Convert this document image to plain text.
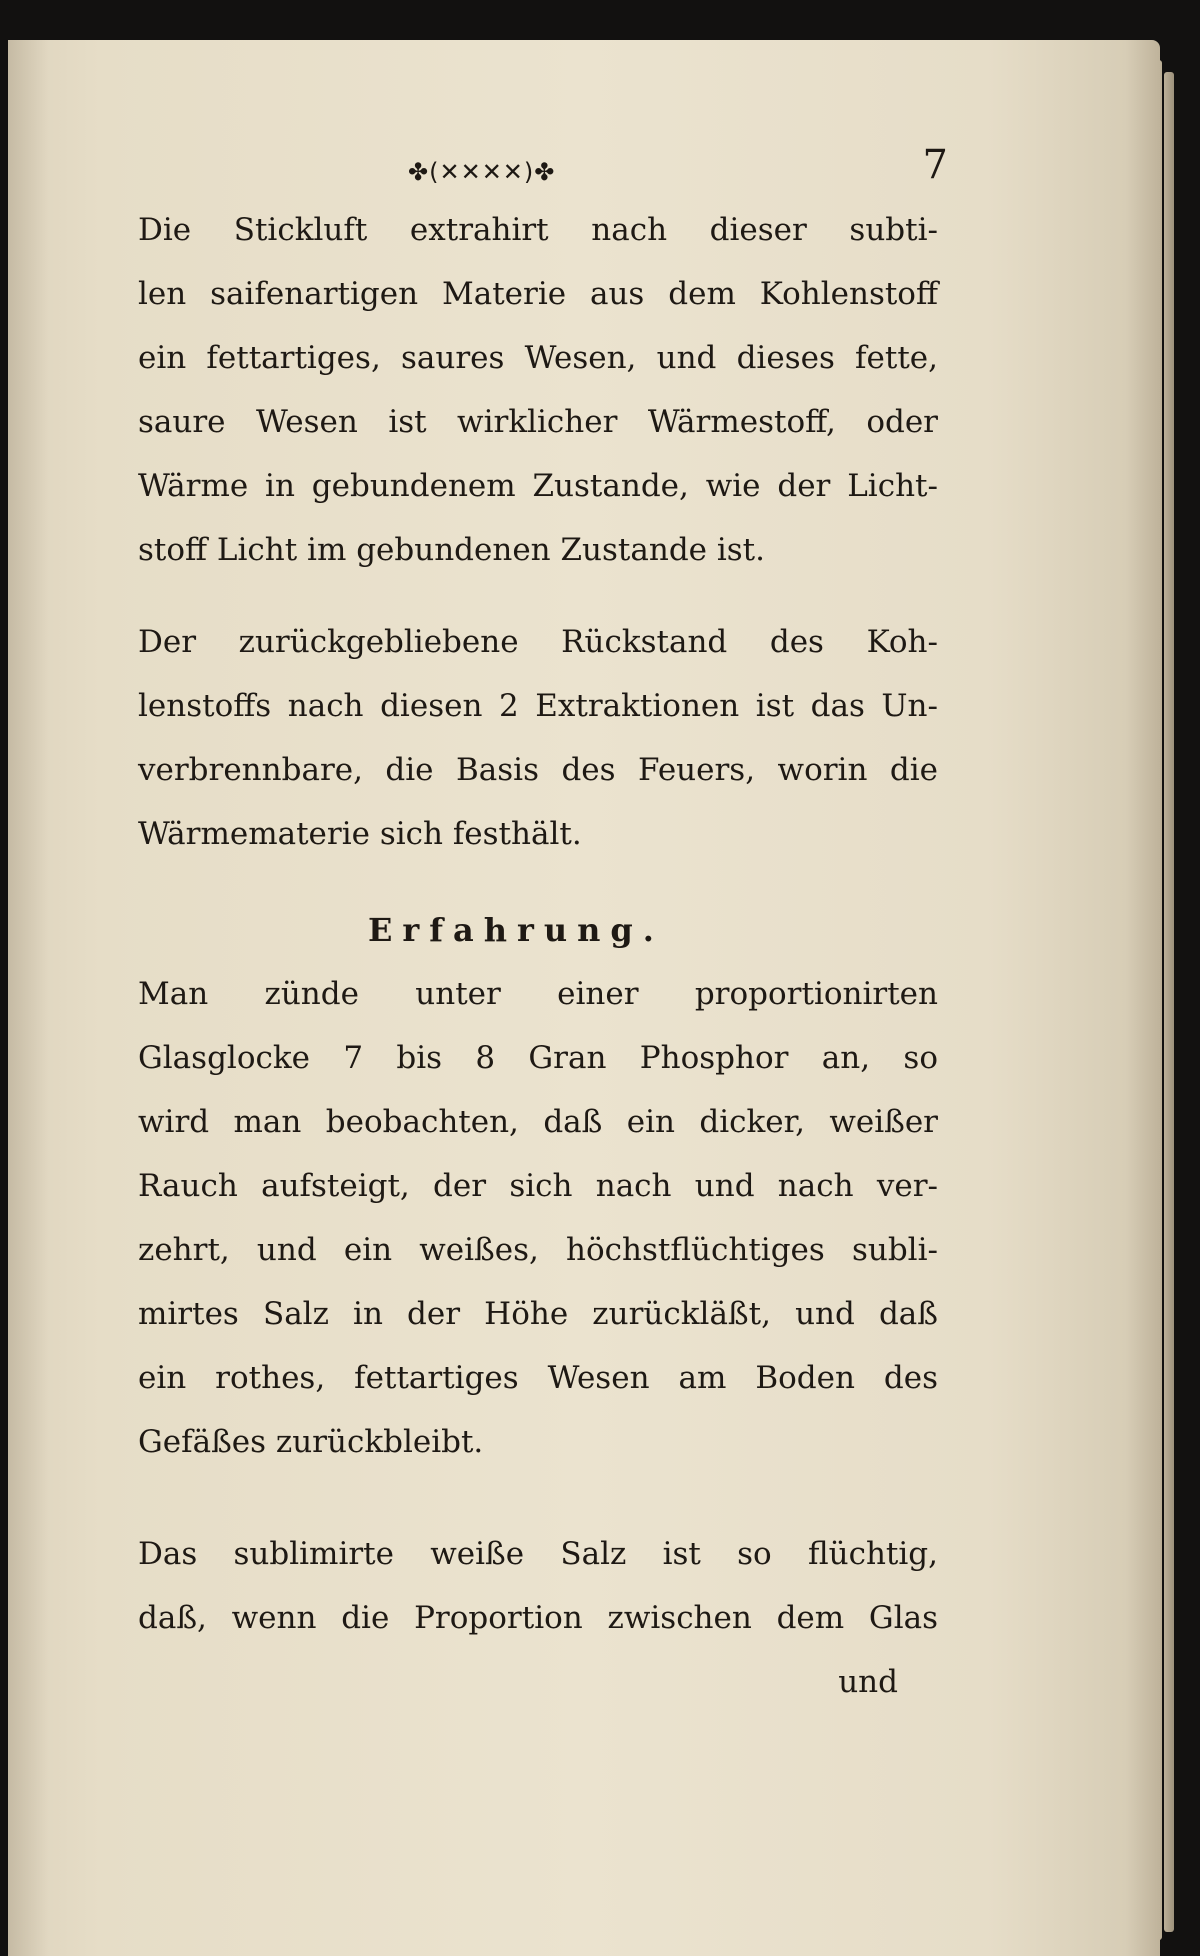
✤(✕✕✕✕)✤	7

Die Stickluft extrahirt nach dieser subti-
len saifenartigen Materie aus dem Kohlenstoff
ein fettartiges, saures Wesen, und dieses fette,
saure Wesen ist wirklicher Wärmestoff, oder
Wärme in gebundenem Zustande, wie der Licht-
stoff Licht im gebundenen Zustande ist.

Der zurückgebliebene Rückstand des Koh-
lenstoffs nach diesen 2 Extraktionen ist das Un-
verbrennbare, die Basis des Feuers, worin die
Wärmematerie sich festhält.

Erfahrung.

Man zünde unter einer proportionirten
Glasglocke 7 bis 8 Gran Phosphor an, so
wird man beobachten, daß ein dicker, weißer
Rauch aufsteigt, der sich nach und nach ver-
zehrt, und ein weißes, höchstflüchtiges subli-
mirtes Salz in der Höhe zurückläßt, und daß
ein rothes, fettartiges Wesen am Boden des
Gefäßes zurückbleibt.

Das sublimirte weiße Salz ist so flüchtig,
daß, wenn die Proportion zwischen dem Glas

und
